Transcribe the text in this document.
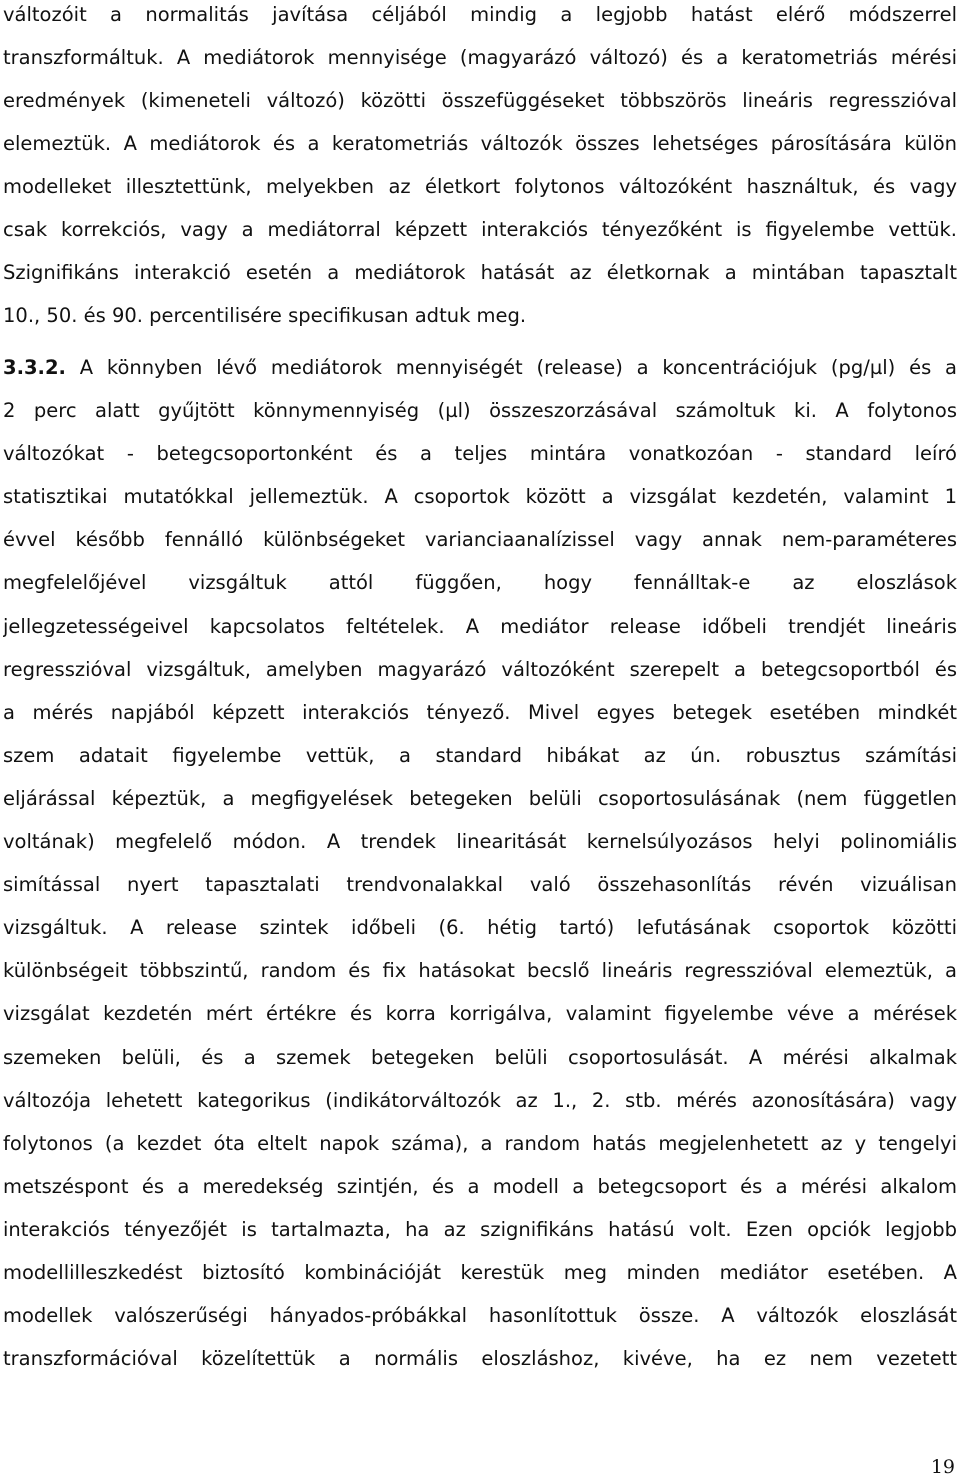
változóit a normalitás javítása céljából mindig a legjobb hatást elérő módszerrel
transzformáltuk. A mediátorok mennyisége (magyarázó változó) és a keratometriás mérési
eredmények (kimeneteli változó) közötti összefüggéseket többszörös lineáris regresszióval
elemeztük. A mediátorok és a keratometriás változók összes lehetséges párosítására külön
modelleket illesztettünk, melyekben az életkort folytonos változóként használtuk, és vagy
csak korrekciós, vagy a mediátorral képzett interakciós tényezőként is figyelembe vettük.
Szignifikáns interakció esetén a mediátorok hatását az életkornak a mintában tapasztalt
10., 50. és 90. percentilisére specifikusan adtuk meg.
3.3.2. A könnyben lévő mediátorok mennyiségét (release) a koncentrációjuk (pg/µl) és a
2 perc alatt gyűjtött könnymennyiség (µl) összeszorzásával számoltuk ki. A folytonos
változókat - betegcsoportonként és a teljes mintára vonatkozóan - standard leíró
statisztikai mutatókkal jellemeztük. A csoportok között a vizsgálat kezdetén, valamint 1
évvel később fennálló különbségeket varianciaanalízissel vagy annak nem-paraméteres
megfelelőjével vizsgáltuk attól függően, hogy fennálltak-e az eloszlások
jellegzetességeivel kapcsolatos feltételek. A mediátor release időbeli trendjét lineáris
regresszióval vizsgáltuk, amelyben magyarázó változóként szerepelt a betegcsoportból és
a mérés napjából képzett interakciós tényező. Mivel egyes betegek esetében mindkét
szem adatait figyelembe vettük, a standard hibákat az ún. robusztus számítási
eljárással képeztük, a megfigyelések betegeken belüli csoportosulásának (nem független
voltának) megfelelő módon. A trendek linearitását kernelsúlyozásos helyi polinomiális
simítással nyert tapasztalati trendvonalakkal való összehasonlítás révén vizuálisan
vizsgáltuk. A release szintek időbeli (6. hétig tartó) lefutásának csoportok közötti
különbségeit többszintű, random és fix hatásokat becslő lineáris regresszióval elemeztük, a
vizsgálat kezdetén mért értékre és korra korrigálva, valamint figyelembe véve a mérések
szemeken belüli, és a szemek betegeken belüli csoportosulását. A mérési alkalmak
változója lehetett kategorikus (indikátorváltozók az 1., 2. stb. mérés azonosítására) vagy
folytonos (a kezdet óta eltelt napok száma), a random hatás megjelenhetett az y tengelyi
metszéspont és a meredekség szintjén, és a modell a betegcsoport és a mérési alkalom
interakciós tényezőjét is tartalmazta, ha az szignifikáns hatású volt. Ezen opciók legjobb
modellilleszkedést biztosító kombinációját kerestük meg minden mediátor esetében. A
modellek valószerűségi hányados-próbákkal hasonlítottuk össze. A változók eloszlását
transzformációval közelítettük a normális eloszláshoz, kivéve, ha ez nem vezetett
19
